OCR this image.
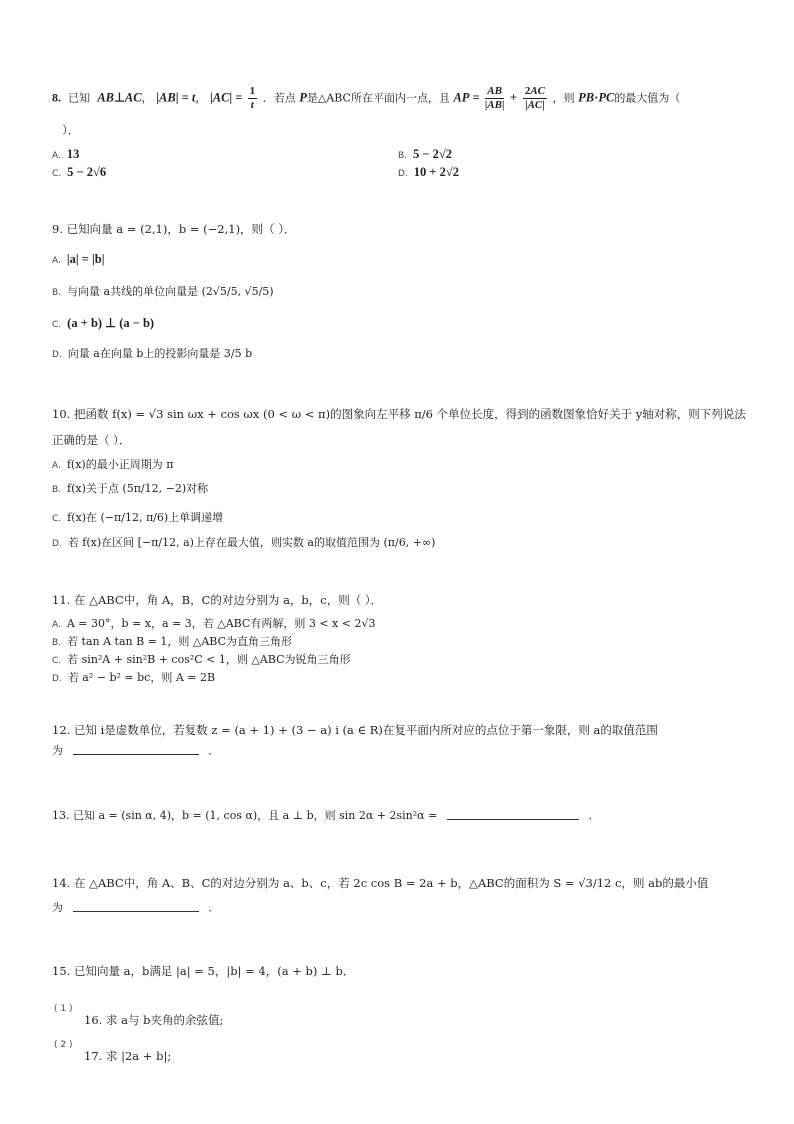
8.  已知  AB⊥AC， |AB| = t， $|AC| = \frac{1}{t}$ ．若点 P是△ABC所在平面内一点，且 AP = $\frac{AB}{|AB|} + \frac{2AC}{|AC|}$ ，则 PB·PC的最大值为（
）．
A. 13	B. 5 − 2√2
C. 5 − 2√6	D. 10 + 2√2
9. 已知向量 a = (2,1)，b = (−2,1)，则（ ）．
A. |a| = |b|
B. 与向量 a共线的单位向量是 (2√5/5, √5/5)
C. (a + b) ⊥ (a − b)
D. 向量 a在向量 b上的投影向量是 3/5 b
10. 把函数 f(x) = √3 sin ωx + cos ωx (0 < ω < π)的图象向左平移 π/6 个单位长度，得到的函数图象恰好关于 y轴对称，则下列说法
正确的是（ ）．
A. f(x)的最小正周期为 π
B. f(x)关于点 (5π/12, −2)对称
C. f(x)在 (−π/12, π/6)上单调递增
D. 若 f(x)在区间 [−π/12, a)上存在最大值，则实数 a的取值范围为 (π/6, +∞)
11. 在 △ABC中，角 A，B，C的对边分别为 a，b，c，则（ ）．
A. A = 30°，b = x，a = 3，若 △ABC有两解，则 3 < x < 2√3
B. 若 tan A tan B = 1，则 △ABC为直角三角形
C. 若 sin²A + sin²B + cos²C < 1，则 △ABC为锐角三角形
D. 若 a² − b² = bc，则 A = 2B
12. 已知 i是虚数单位，若复数 z = (a + 1) + (3 − a) i (a ∈ R)在复平面内所对应的点位于第一象限，则 a的取值范围
为	．
13. 已知 a = (sin α, 4)，b = (1, cos α)，且 a ⊥ b，则 sin 2α + 2sin²α =	．
14. 在 △ABC中，角 A、B、C的对边分别为 a、b、c，若 2c cos B = 2a + b，△ABC的面积为 S = √3/12 c，则 ab的最小值
为	．
15. 已知向量 a，b满足 |a| = 5，|b| = 4，(a + b) ⊥ b．
( 1 )
16. 求 a与 b夹角的余弦值;
( 2 )
17. 求 |2a + b|;
